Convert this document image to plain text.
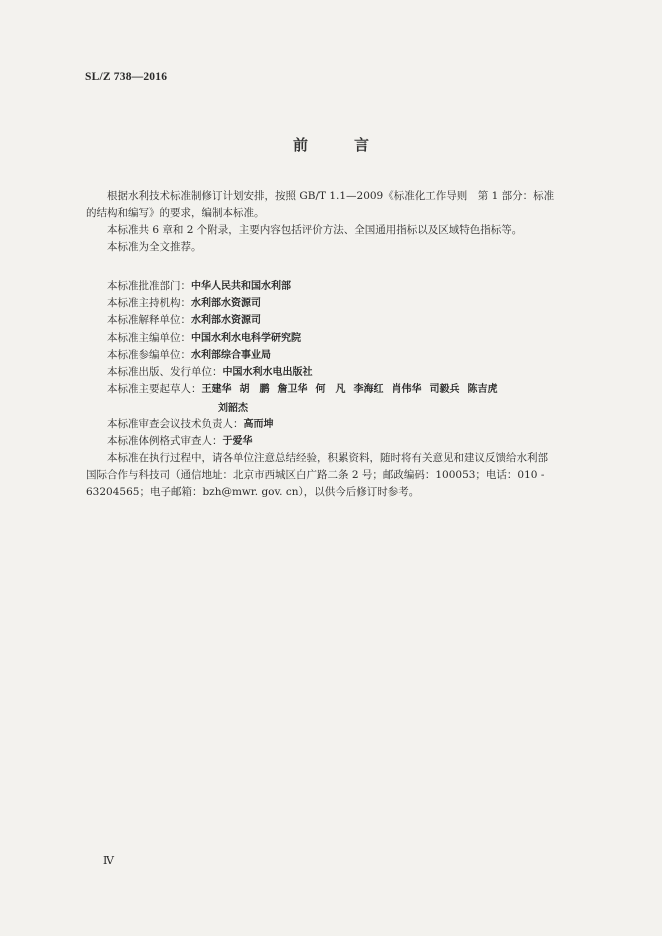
SL/Z 738—2016
前	言
根据水利技术标准制修订计划安排，按照 GB/T 1.1—2009《标准化工作导则　第 1 部分：标准
的结构和编写》的要求，编制本标准。
本标准共 6 章和 2 个附录，主要内容包括评价方法、全国通用指标以及区域特色指标等。
本标准为全文推荐。
本标准批准部门：中华人民共和国水利部
本标准主持机构：水利部水资源司
本标准解释单位：水利部水资源司
本标准主编单位：中国水利水电科学研究院
本标准参编单位：水利部综合事业局
本标准出版、发行单位：中国水利水电出版社
本标准主要起草人：王建华 胡　鹏 詹卫华 何　凡 李海红 肖伟华 司毅兵 陈吉虎
刘韶杰
本标准审查会议技术负责人：高而坤
本标准体例格式审查人：于爱华
本标准在执行过程中，请各单位注意总结经验，积累资料，随时将有关意见和建议反馈给水利部
国际合作与科技司（通信地址：北京市西城区白广路二条 2 号；邮政编码：100053；电话：010 -
63204565；电子邮箱：bzh@mwr. gov. cn），以供今后修订时参考。
Ⅳ
